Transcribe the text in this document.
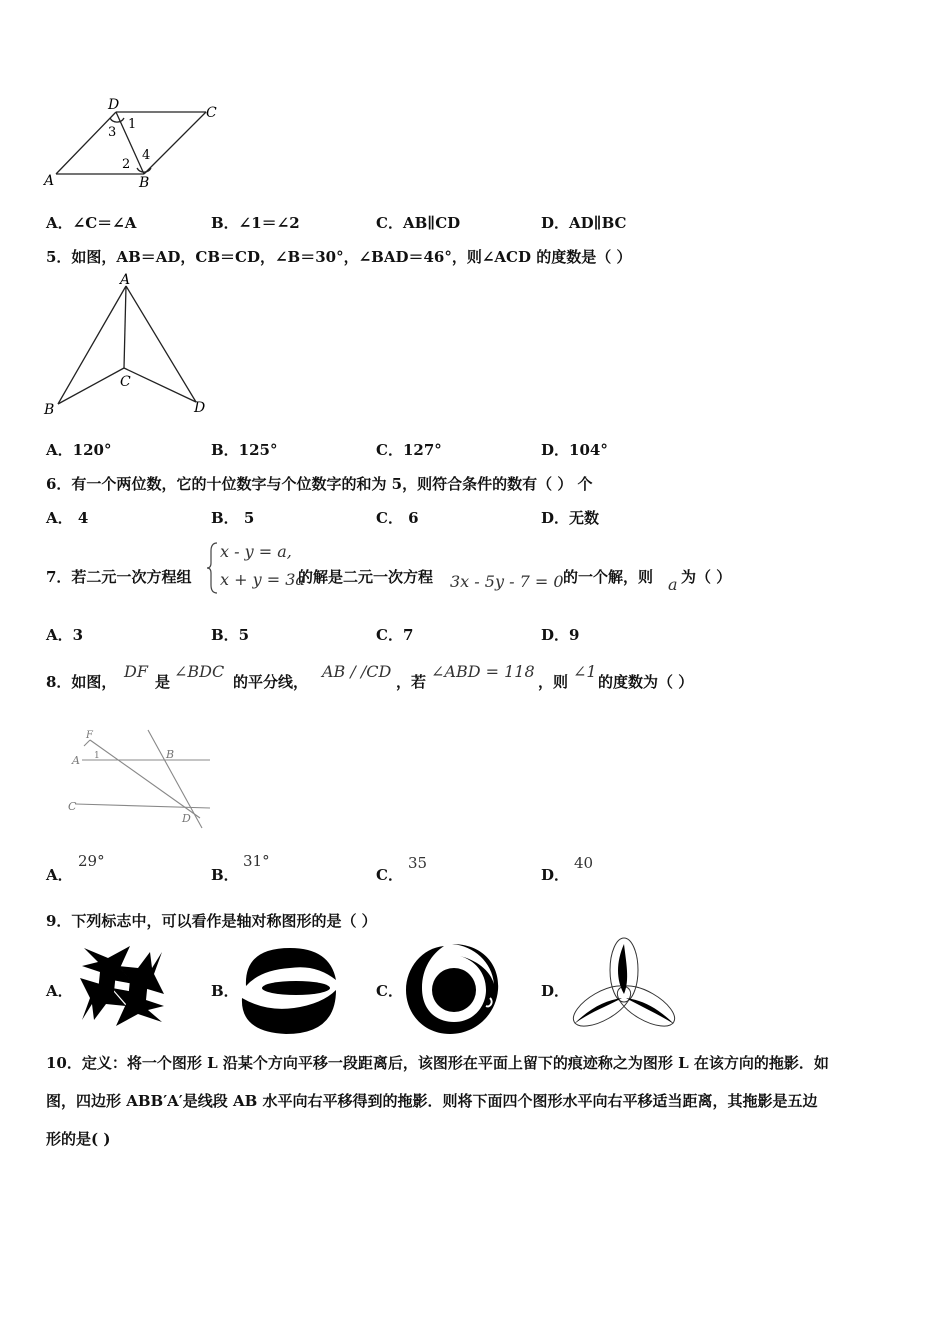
D	C
A	B
1
3
2
4
A．∠C＝∠A	B．∠1＝∠2	C．AB∥CD	D．AD∥BC
5．如图，AB＝AD，CB＝CD，∠B＝30°，∠BAD＝46°，则∠ACD 的度数是（ ）
A
C
B	D
A．120°	B．125°	C．127°	D．104°
6．有一个两位数，它的十位数字与个位数字的和为 5，则符合条件的数有（ ） 个
A． 4	B． 5	C． 6	D．无数
7．若二元一次方程组
x - y = a,
x + y = 3a
的解是二元一次方程 3x - 5y - 7 = 0 的一个解，则 a 为（ ）
A．3	B．5	C．7	D．9
8．如图，
DF
是
∠BDC
的平分线，
AB / /CD
，若
∠ABD = 118
，则
∠1
的度数为（ ）
F
A 1	B
C
D
A．
29°
B．
31°
C．
35
D．
40
9．下列标志中，可以看作是轴对称图形的是（ ）
A．	B．	C．	D．
10．定义：将一个图形 L 沿某个方向平移一段距离后，该图形在平面上留下的痕迹称之为图形 L 在该方向的拖影．如
图，四边形 ABB′A′是线段 AB 水平向右平移得到的拖影．则将下面四个图形水平向右平移适当距离，其拖影是五边
形的是( )
